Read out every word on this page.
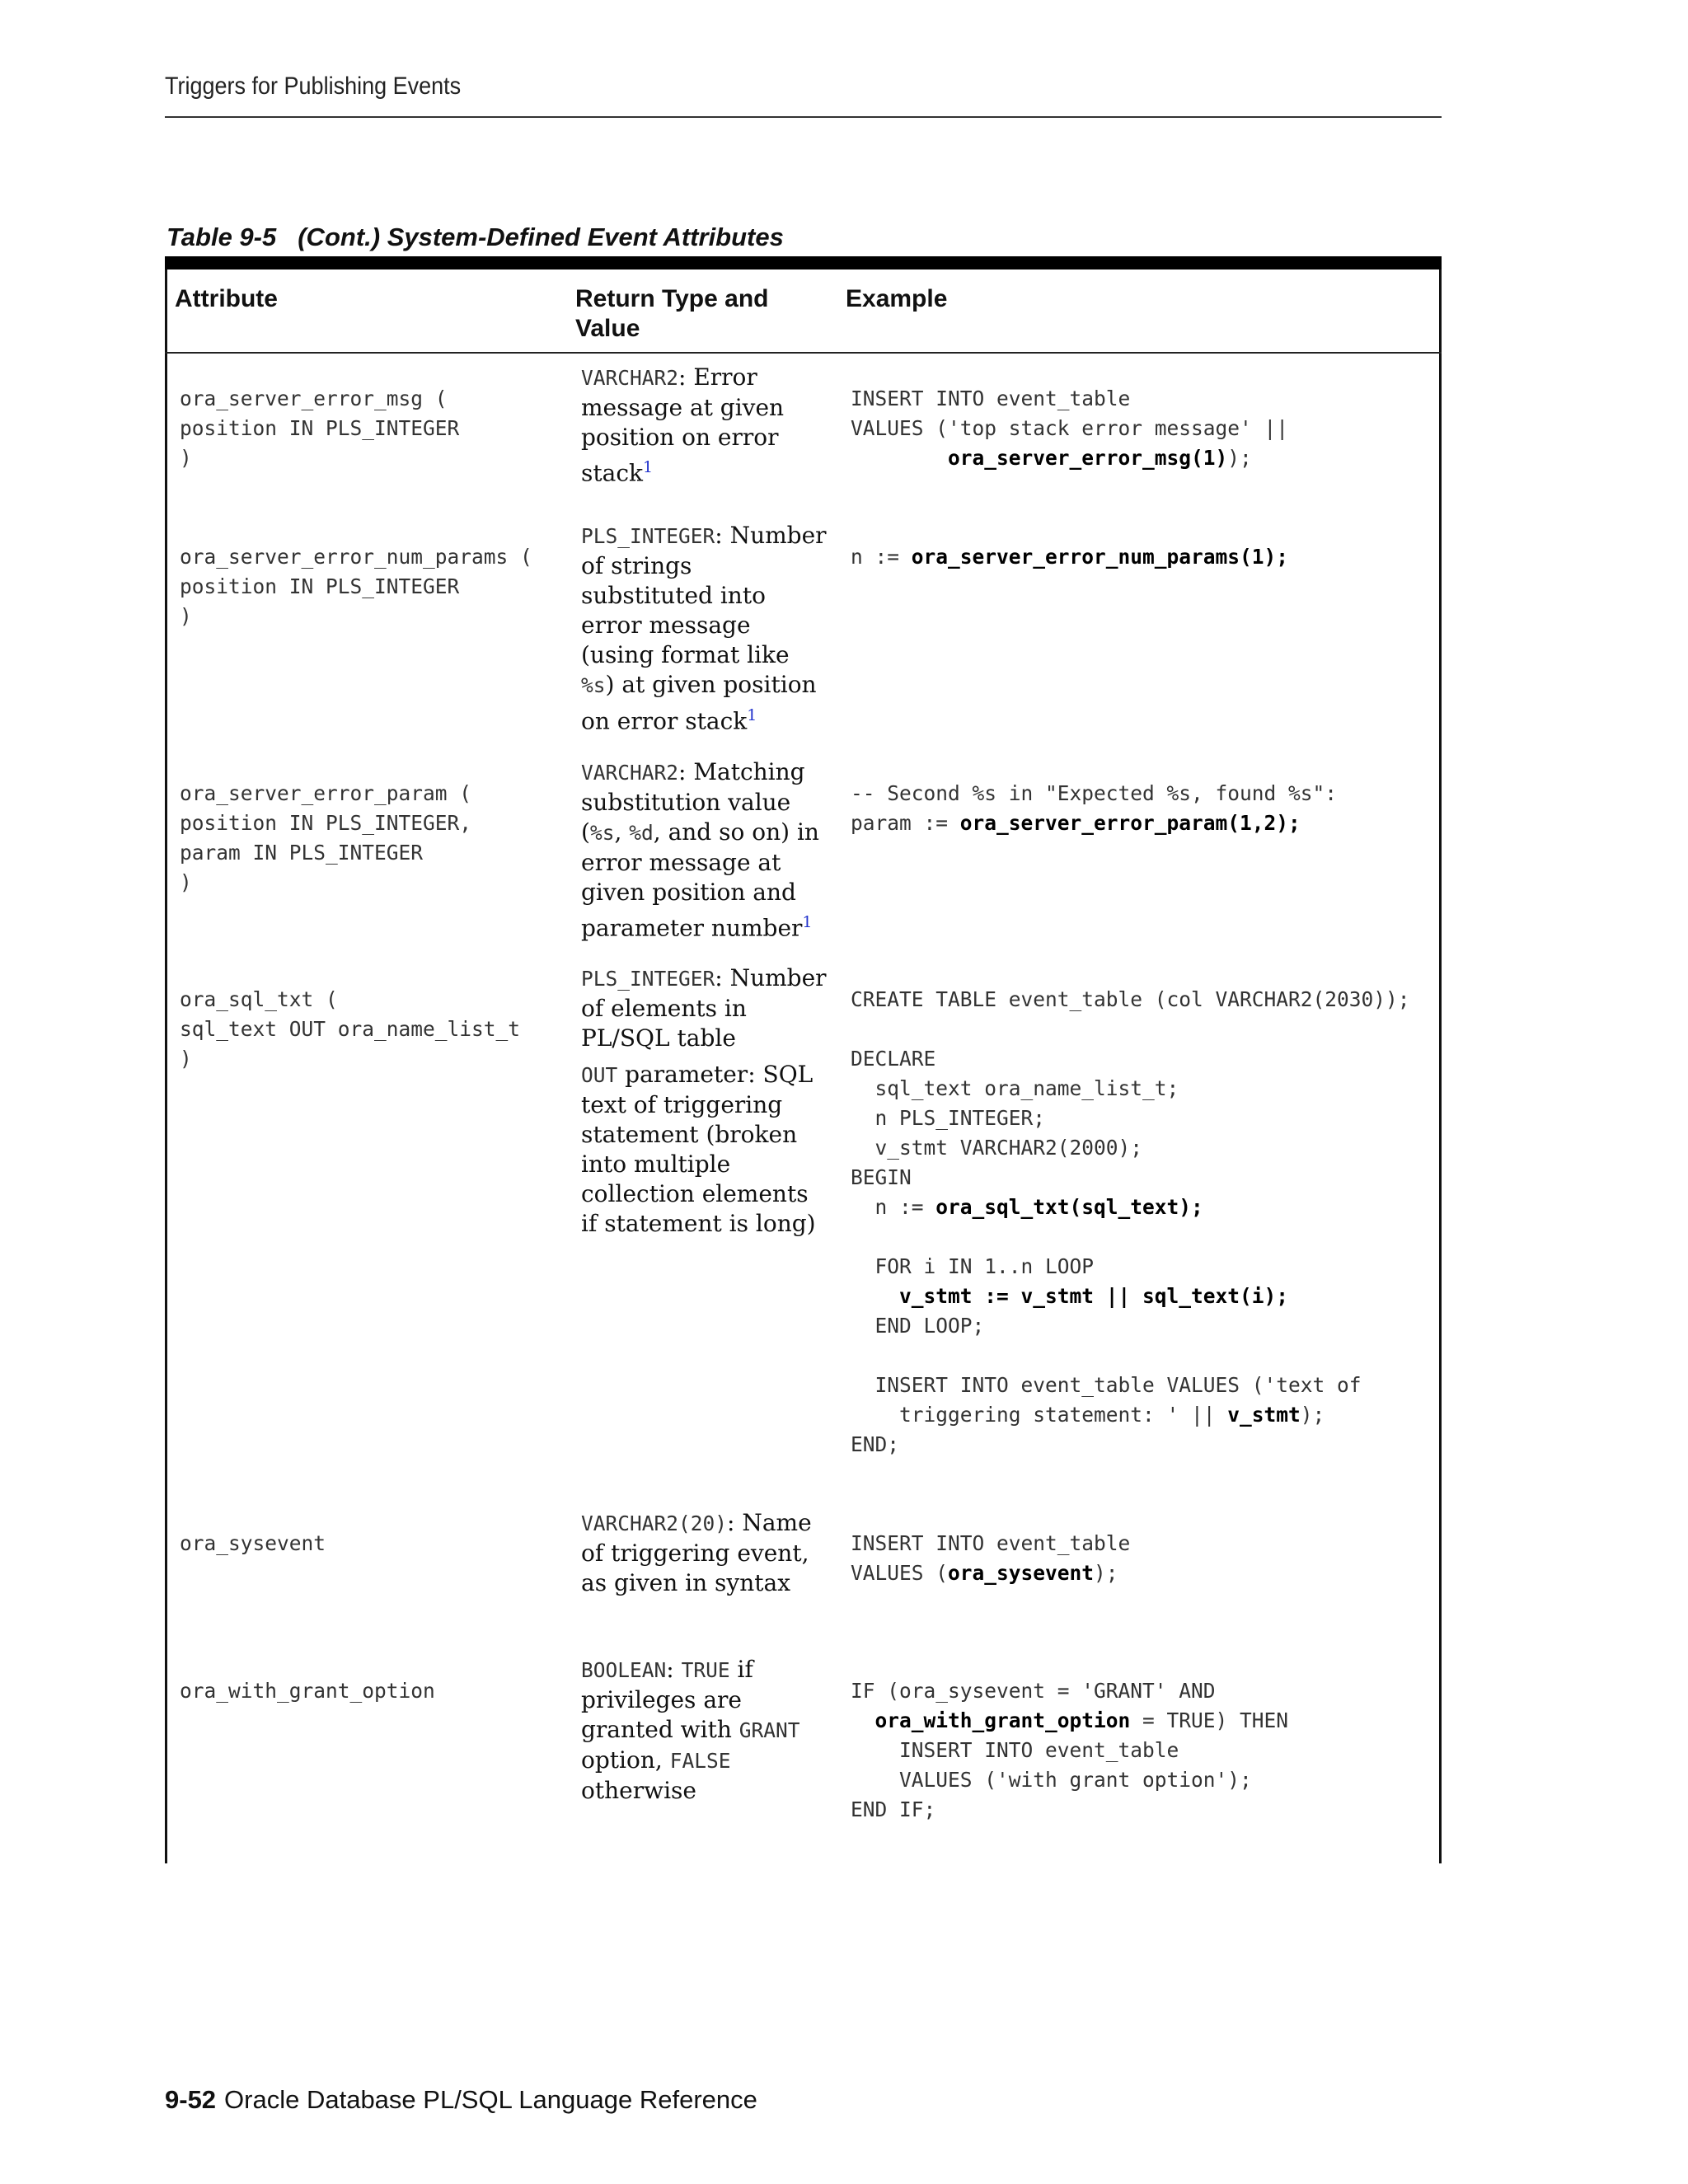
Triggers for Publishing Events
Table 9-5 (Cont.) System-Defined Event Attributes
Attribute	Return Type and
Value
Example
ora_server_error_msg (
position IN PLS_INTEGER
)
VARCHAR2: Error message at given position on error stack$^1$
INSERT INTO event_table
VALUES ('top stack error message' ||
ora_server_error_msg(1));
ora_server_error_num_params (
position IN PLS_INTEGER
)
PLS_INTEGER: Number of strings substituted into error message (using format like %s) at given position on error stack$^1$
n := ora_server_error_num_params(1);
ora_server_error_param (
position IN PLS_INTEGER,
param IN PLS_INTEGER
)
VARCHAR2: Matching substitution value (%s, %d, and so on) in error message at given position and parameter number$^1$
-- Second %s in "Expected %s, found %s":
param := ora_server_error_param(1,2);
ora_sql_txt (
sql_text OUT ora_name_list_t
)
PLS_INTEGER: Number of elements in PL/SQL table
OUT parameter: SQL text of triggering statement (broken into multiple collection elements if statement is long)
CREATE TABLE event_table (col VARCHAR2(2030));

DECLARE
sql_text ora_name_list_t;
n PLS_INTEGER;
v_stmt VARCHAR2(2000);
BEGIN
n := ora_sql_txt(sql_text);

FOR i IN 1..n LOOP
v_stmt := v_stmt || sql_text(i);
END LOOP;

INSERT INTO event_table VALUES ('text of
triggering statement: ' || v_stmt);
END;
ora_sysevent
VARCHAR2(20): Name of triggering event, as given in syntax
INSERT INTO event_table
VALUES (ora_sysevent);
ora_with_grant_option
BOOLEAN: TRUE if privileges are granted with GRANT option, FALSE otherwise
IF (ora_sysevent = 'GRANT' AND
ora_with_grant_option = TRUE) THEN
INSERT INTO event_table
VALUES ('with grant option');
END IF;
9-52 Oracle Database PL/SQL Language Reference
